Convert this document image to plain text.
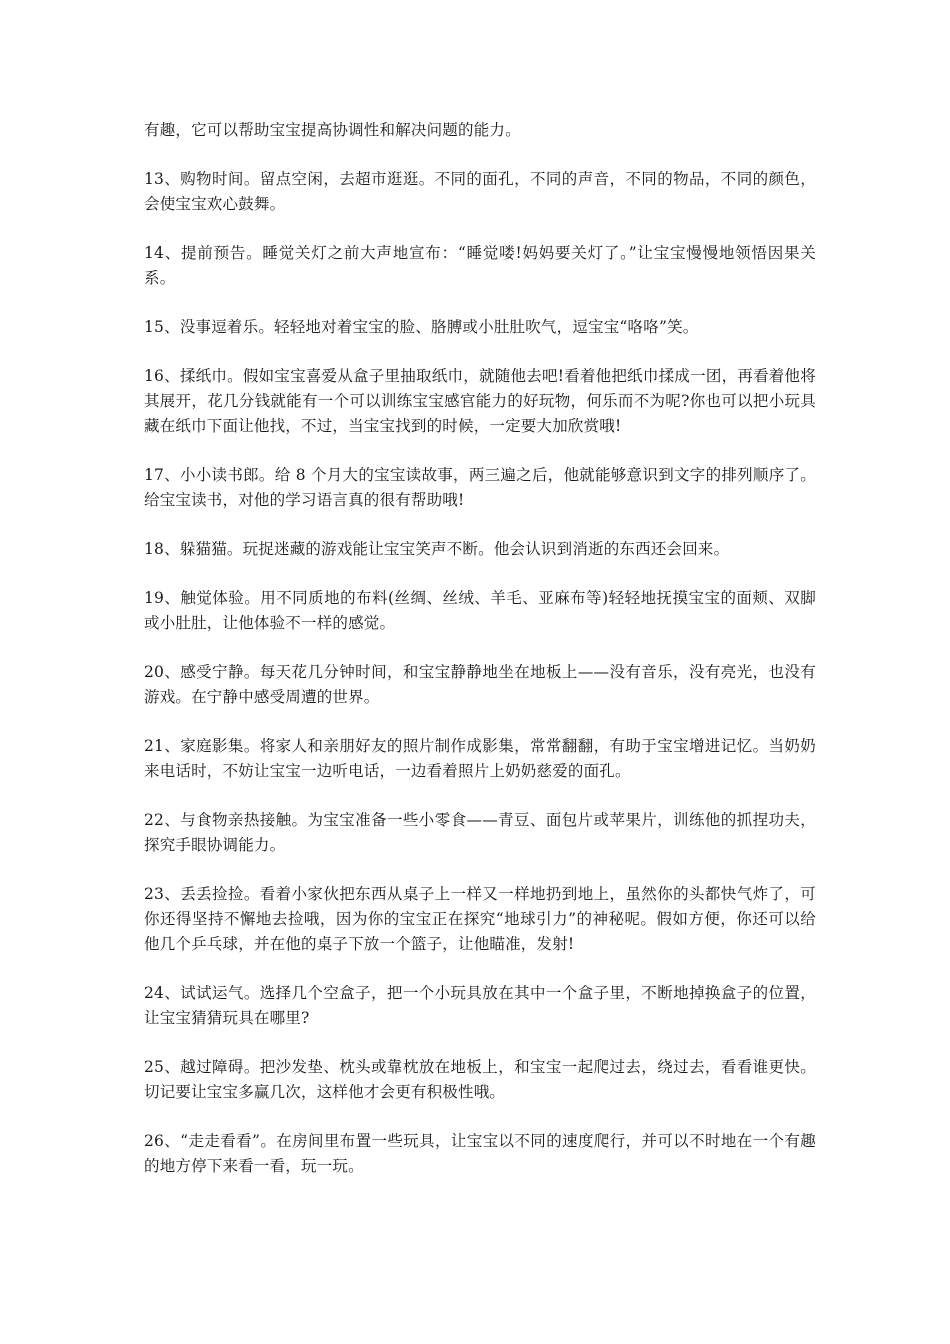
有趣，它可以帮助宝宝提高协调性和解决问题的能力。

13、购物时间。留点空闲，去超市逛逛。不同的面孔，不同的声音，不同的物品，不同的颜色，会使宝宝欢心鼓舞。

14、提前预告。睡觉关灯之前大声地宣布：“睡觉喽!妈妈要关灯了。”让宝宝慢慢地领悟因果关系。

15、没事逗着乐。轻轻地对着宝宝的脸、胳膊或小肚肚吹气，逗宝宝“咯咯”笑。

16、揉纸巾。假如宝宝喜爱从盒子里抽取纸巾，就随他去吧!看着他把纸巾揉成一团，再看着他将其展开，花几分钱就能有一个可以训练宝宝感官能力的好玩物，何乐而不为呢?你也可以把小玩具藏在纸巾下面让他找，不过，当宝宝找到的时候，一定要大加欣赏哦!

17、小小读书郎。给 8 个月大的宝宝读故事，两三遍之后，他就能够意识到文字的排列顺序了。给宝宝读书，对他的学习语言真的很有帮助哦!

18、躲猫猫。玩捉迷藏的游戏能让宝宝笑声不断。他会认识到消逝的东西还会回来。

19、触觉体验。用不同质地的布料(丝绸、丝绒、羊毛、亚麻布等)轻轻地抚摸宝宝的面颊、双脚或小肚肚，让他体验不一样的感觉。

20、感受宁静。每天花几分钟时间，和宝宝静静地坐在地板上——没有音乐，没有亮光，也没有游戏。在宁静中感受周遭的世界。

21、家庭影集。将家人和亲朋好友的照片制作成影集，常常翻翻，有助于宝宝增进记忆。当奶奶来电话时，不妨让宝宝一边听电话，一边看着照片上奶奶慈爱的面孔。

22、与食物亲热接触。为宝宝准备一些小零食——青豆、面包片或苹果片，训练他的抓捏功夫，探究手眼协调能力。

23、丢丢捡捡。看着小家伙把东西从桌子上一样又一样地扔到地上，虽然你的头都快气炸了，可你还得坚持不懈地去捡哦，因为你的宝宝正在探究“地球引力”的神秘呢。假如方便，你还可以给他几个乒乓球，并在他的桌子下放一个篮子，让他瞄准，发射!

24、试试运气。选择几个空盒子，把一个小玩具放在其中一个盒子里，不断地掉换盒子的位置，让宝宝猜猜玩具在哪里?

25、越过障碍。把沙发垫、枕头或靠枕放在地板上，和宝宝一起爬过去，绕过去，看看谁更快。切记要让宝宝多赢几次，这样他才会更有积极性哦。

26、“走走看看”。在房间里布置一些玩具，让宝宝以不同的速度爬行，并可以不时地在一个有趣的地方停下来看一看，玩一玩。
